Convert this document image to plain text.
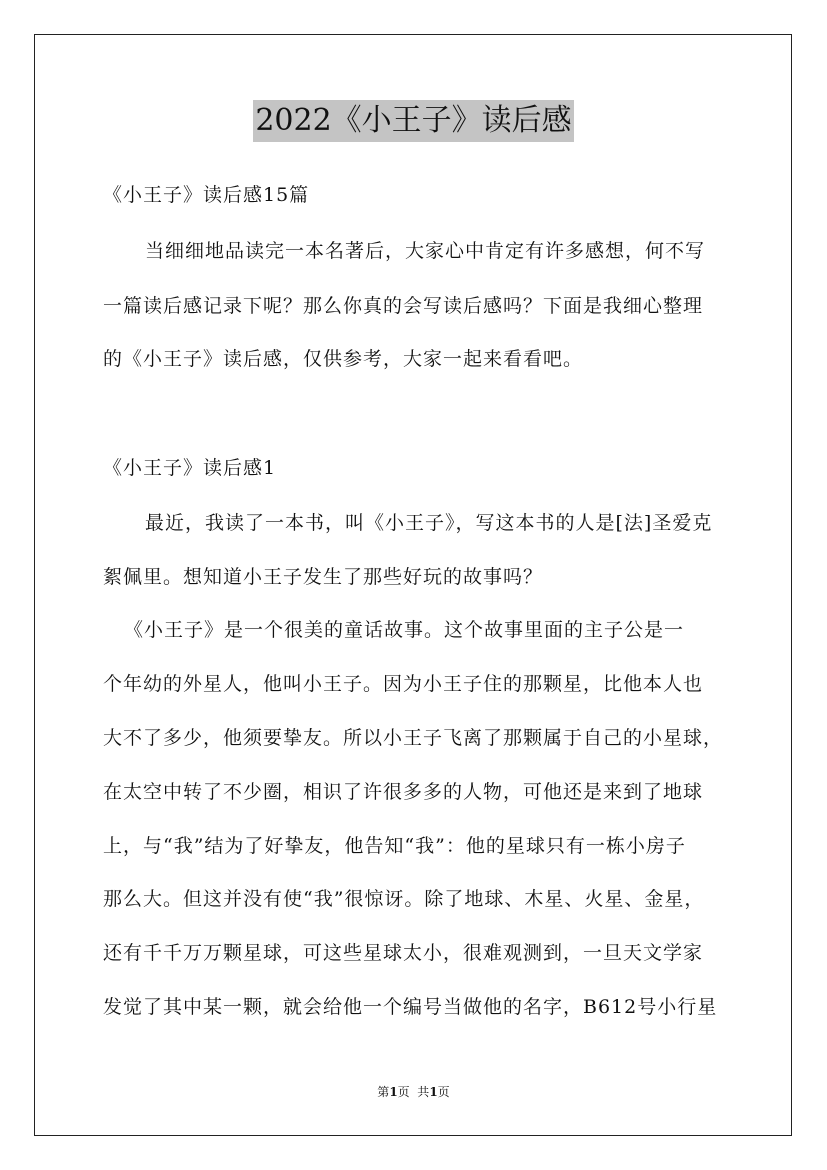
2022《小王子》读后感
《小王子》读后感15篇
当细细地品读完一本名著后，大家心中肯定有许多感想，何不写
一篇读后感记录下呢？那么你真的会写读后感吗？下面是我细心整理
的《小王子》读后感，仅供参考，大家一起来看看吧。
《小王子》读后感1
最近，我读了一本书，叫《小王子》，写这本书的人是[法]圣爱克
絮佩里。想知道小王子发生了那些好玩的故事吗？
《小王子》是一个很美的童话故事。这个故事里面的主子公是一
个年幼的外星人，他叫小王子。因为小王子住的那颗星，比他本人也
大不了多少，他须要挚友。所以小王子飞离了那颗属于自己的小星球，
在太空中转了不少圈，相识了许很多多的人物，可他还是来到了地球
上，与“我”结为了好挚友，他告知“我”：他的星球只有一栋小房子
那么大。但这并没有使“我”很惊讶。除了地球、木星、火星、金星，
还有千千万万颗星球，可这些星球太小，很难观测到，一旦天文学家
发觉了其中某一颗，就会给他一个编号当做他的名字，B612号小行星
第1页  共1页
